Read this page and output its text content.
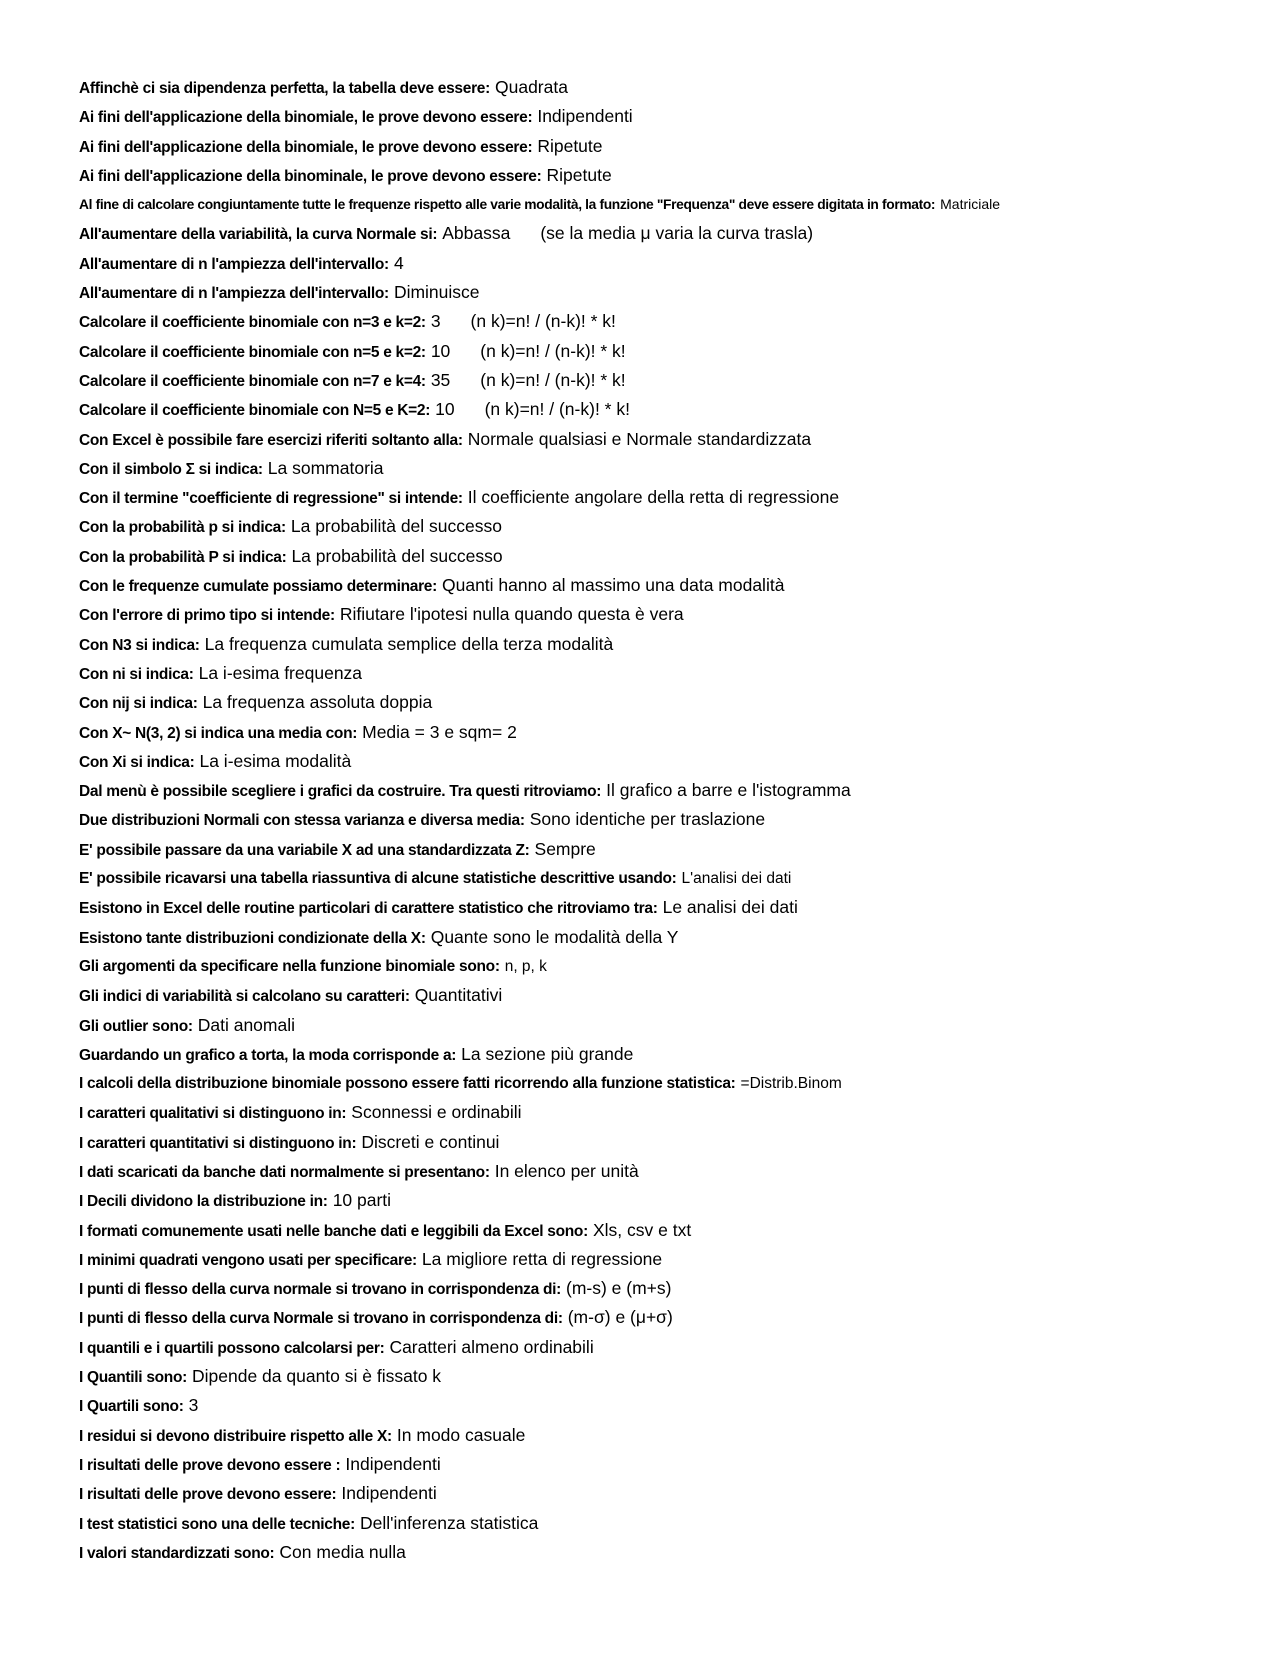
Affinchè ci sia dipendenza perfetta, la tabella deve essere: Quadrata
Ai fini dell'applicazione della binomiale, le prove devono essere: Indipendenti
Ai fini dell'applicazione della binomiale, le prove devono essere: Ripetute
Ai fini dell'applicazione della binominale, le prove devono essere: Ripetute
Al fine di calcolare congiuntamente tutte le frequenze rispetto alle varie modalità, la funzione "Frequenza" deve essere digitata in formato: Matriciale
All'aumentare della variabilità, la curva Normale si: Abbassa (se la media μ varia la curva trasla)
All'aumentare di n l'ampiezza dell'intervallo: 4
All'aumentare di n l'ampiezza dell'intervallo: Diminuisce
Calcolare il coefficiente binomiale con n=3 e k=2: 3 (n k)=n! / (n-k)! * k!
Calcolare il coefficiente binomiale con n=5 e k=2: 10 (n k)=n! / (n-k)! * k!
Calcolare il coefficiente binomiale con n=7 e k=4: 35 (n k)=n! / (n-k)! * k!
Calcolare il coefficiente binomiale con N=5 e K=2: 10 (n k)=n! / (n-k)! * k!
Con Excel è possibile fare esercizi riferiti soltanto alla: Normale qualsiasi e Normale standardizzata
Con il simbolo Σ si indica: La sommatoria
Con il termine "coefficiente di regressione" si intende: Il coefficiente angolare della retta di regressione
Con la probabilità p si indica: La probabilità del successo
Con la probabilità P si indica: La probabilità del successo
Con le frequenze cumulate possiamo determinare: Quanti hanno al massimo una data modalità
Con l'errore di primo tipo si intende: Rifiutare l'ipotesi nulla quando questa è vera
Con N3 si indica: La frequenza cumulata semplice della terza modalità
Con ni si indica: La i-esima frequenza
Con nij si indica: La frequenza assoluta doppia
Con X~ N(3, 2) si indica una media con: Media = 3 e sqm= 2
Con Xi si indica: La i-esima modalità
Dal menù è possibile scegliere i grafici da costruire. Tra questi ritroviamo: Il grafico a barre e l'istogramma
Due distribuzioni Normali con stessa varianza e diversa media: Sono identiche per traslazione
E' possibile passare da una variabile X ad una standardizzata Z: Sempre
E' possibile ricavarsi una tabella riassuntiva di alcune statistiche descrittive usando: L'analisi dei dati
Esistono in Excel delle routine particolari di carattere statistico che ritroviamo tra: Le analisi dei dati
Esistono tante distribuzioni condizionate della X: Quante sono le modalità della Y
Gli argomenti da specificare nella funzione binomiale sono: n, p, k
Gli indici di variabilità si calcolano su caratteri: Quantitativi
Gli outlier sono: Dati anomali
Guardando un grafico a torta, la moda corrisponde a: La sezione più grande
I calcoli della distribuzione binomiale possono essere fatti ricorrendo alla funzione statistica: =Distrib.Binom
I caratteri qualitativi si distinguono in: Sconnessi e ordinabili
I caratteri quantitativi si distinguono in: Discreti e continui
I dati scaricati da banche dati normalmente si presentano: In elenco per unità
I Decili dividono la distribuzione in: 10 parti
I formati comunemente usati nelle banche dati e leggibili da Excel sono: Xls, csv e txt
I minimi quadrati vengono usati per specificare: La migliore retta di regressione
I punti di flesso della curva normale si trovano in corrispondenza di: (m-s) e (m+s)
I punti di flesso della curva Normale si trovano in corrispondenza di: (m-σ) e (μ+σ)
I quantili e i quartili possono calcolarsi per: Caratteri almeno ordinabili
I Quantili sono: Dipende da quanto si è fissato k
I Quartili sono: 3
I residui si devono distribuire rispetto alle X: In modo casuale
I risultati delle prove devono essere : Indipendenti
I risultati delle prove devono essere: Indipendenti
I test statistici sono una delle tecniche: Dell'inferenza statistica
I valori standardizzati sono: Con media nulla
